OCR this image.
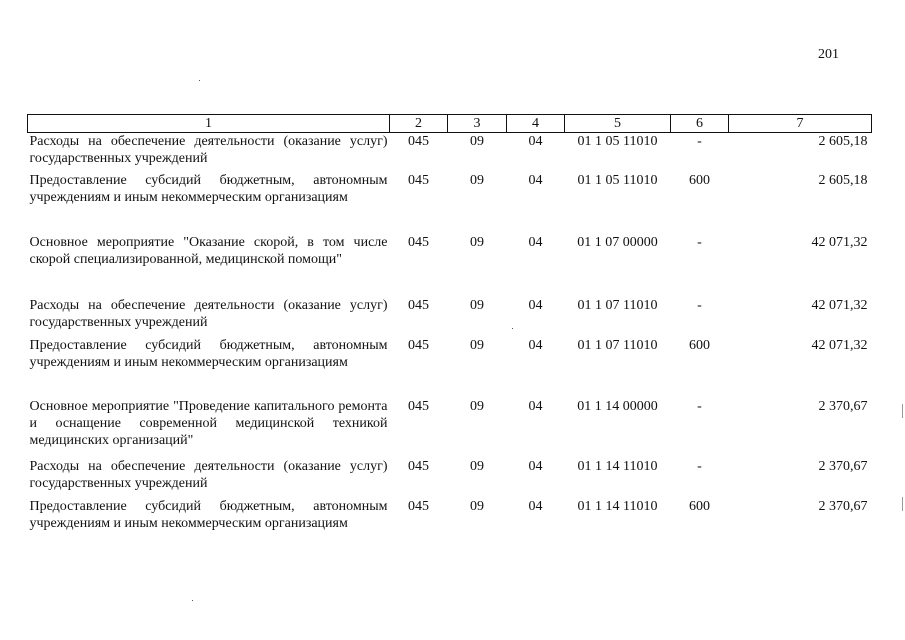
201
1	2	3	4	5	6	7
Расходы на обеспечение деятельности (оказание услуг) государственных учреждений	045	09	04	01 1 05 11010	-	2 605,18
Предоставление субсидий бюджетным, автономным учреждениям и иным некоммерческим организациям	045	09	04	01 1 05 11010	600	2 605,18
Основное мероприятие "Оказание скорой, в том числе скорой специализированной, медицинской помощи"	045	09	04	01 1 07 00000	-	42 071,32
Расходы на обеспечение деятельности (оказание услуг) государственных учреждений	045	09	04	01 1 07 11010	-	42 071,32
Предоставление субсидий бюджетным, автономным учреждениям и иным некоммерческим организациям	045	09	04	01 1 07 11010	600	42 071,32
Основное мероприятие "Проведение капитального ремонта и оснащение современной медицинской техникой медицинских организаций"	045	09	04	01 1 14 00000	-	2 370,67
Расходы на обеспечение деятельности (оказание услуг) государственных учреждений	045	09	04	01 1 14 11010	-	2 370,67
Предоставление субсидий бюджетным, автономным учреждениям и иным некоммерческим организациям	045	09	04	01 1 14 11010	600	2 370,67
